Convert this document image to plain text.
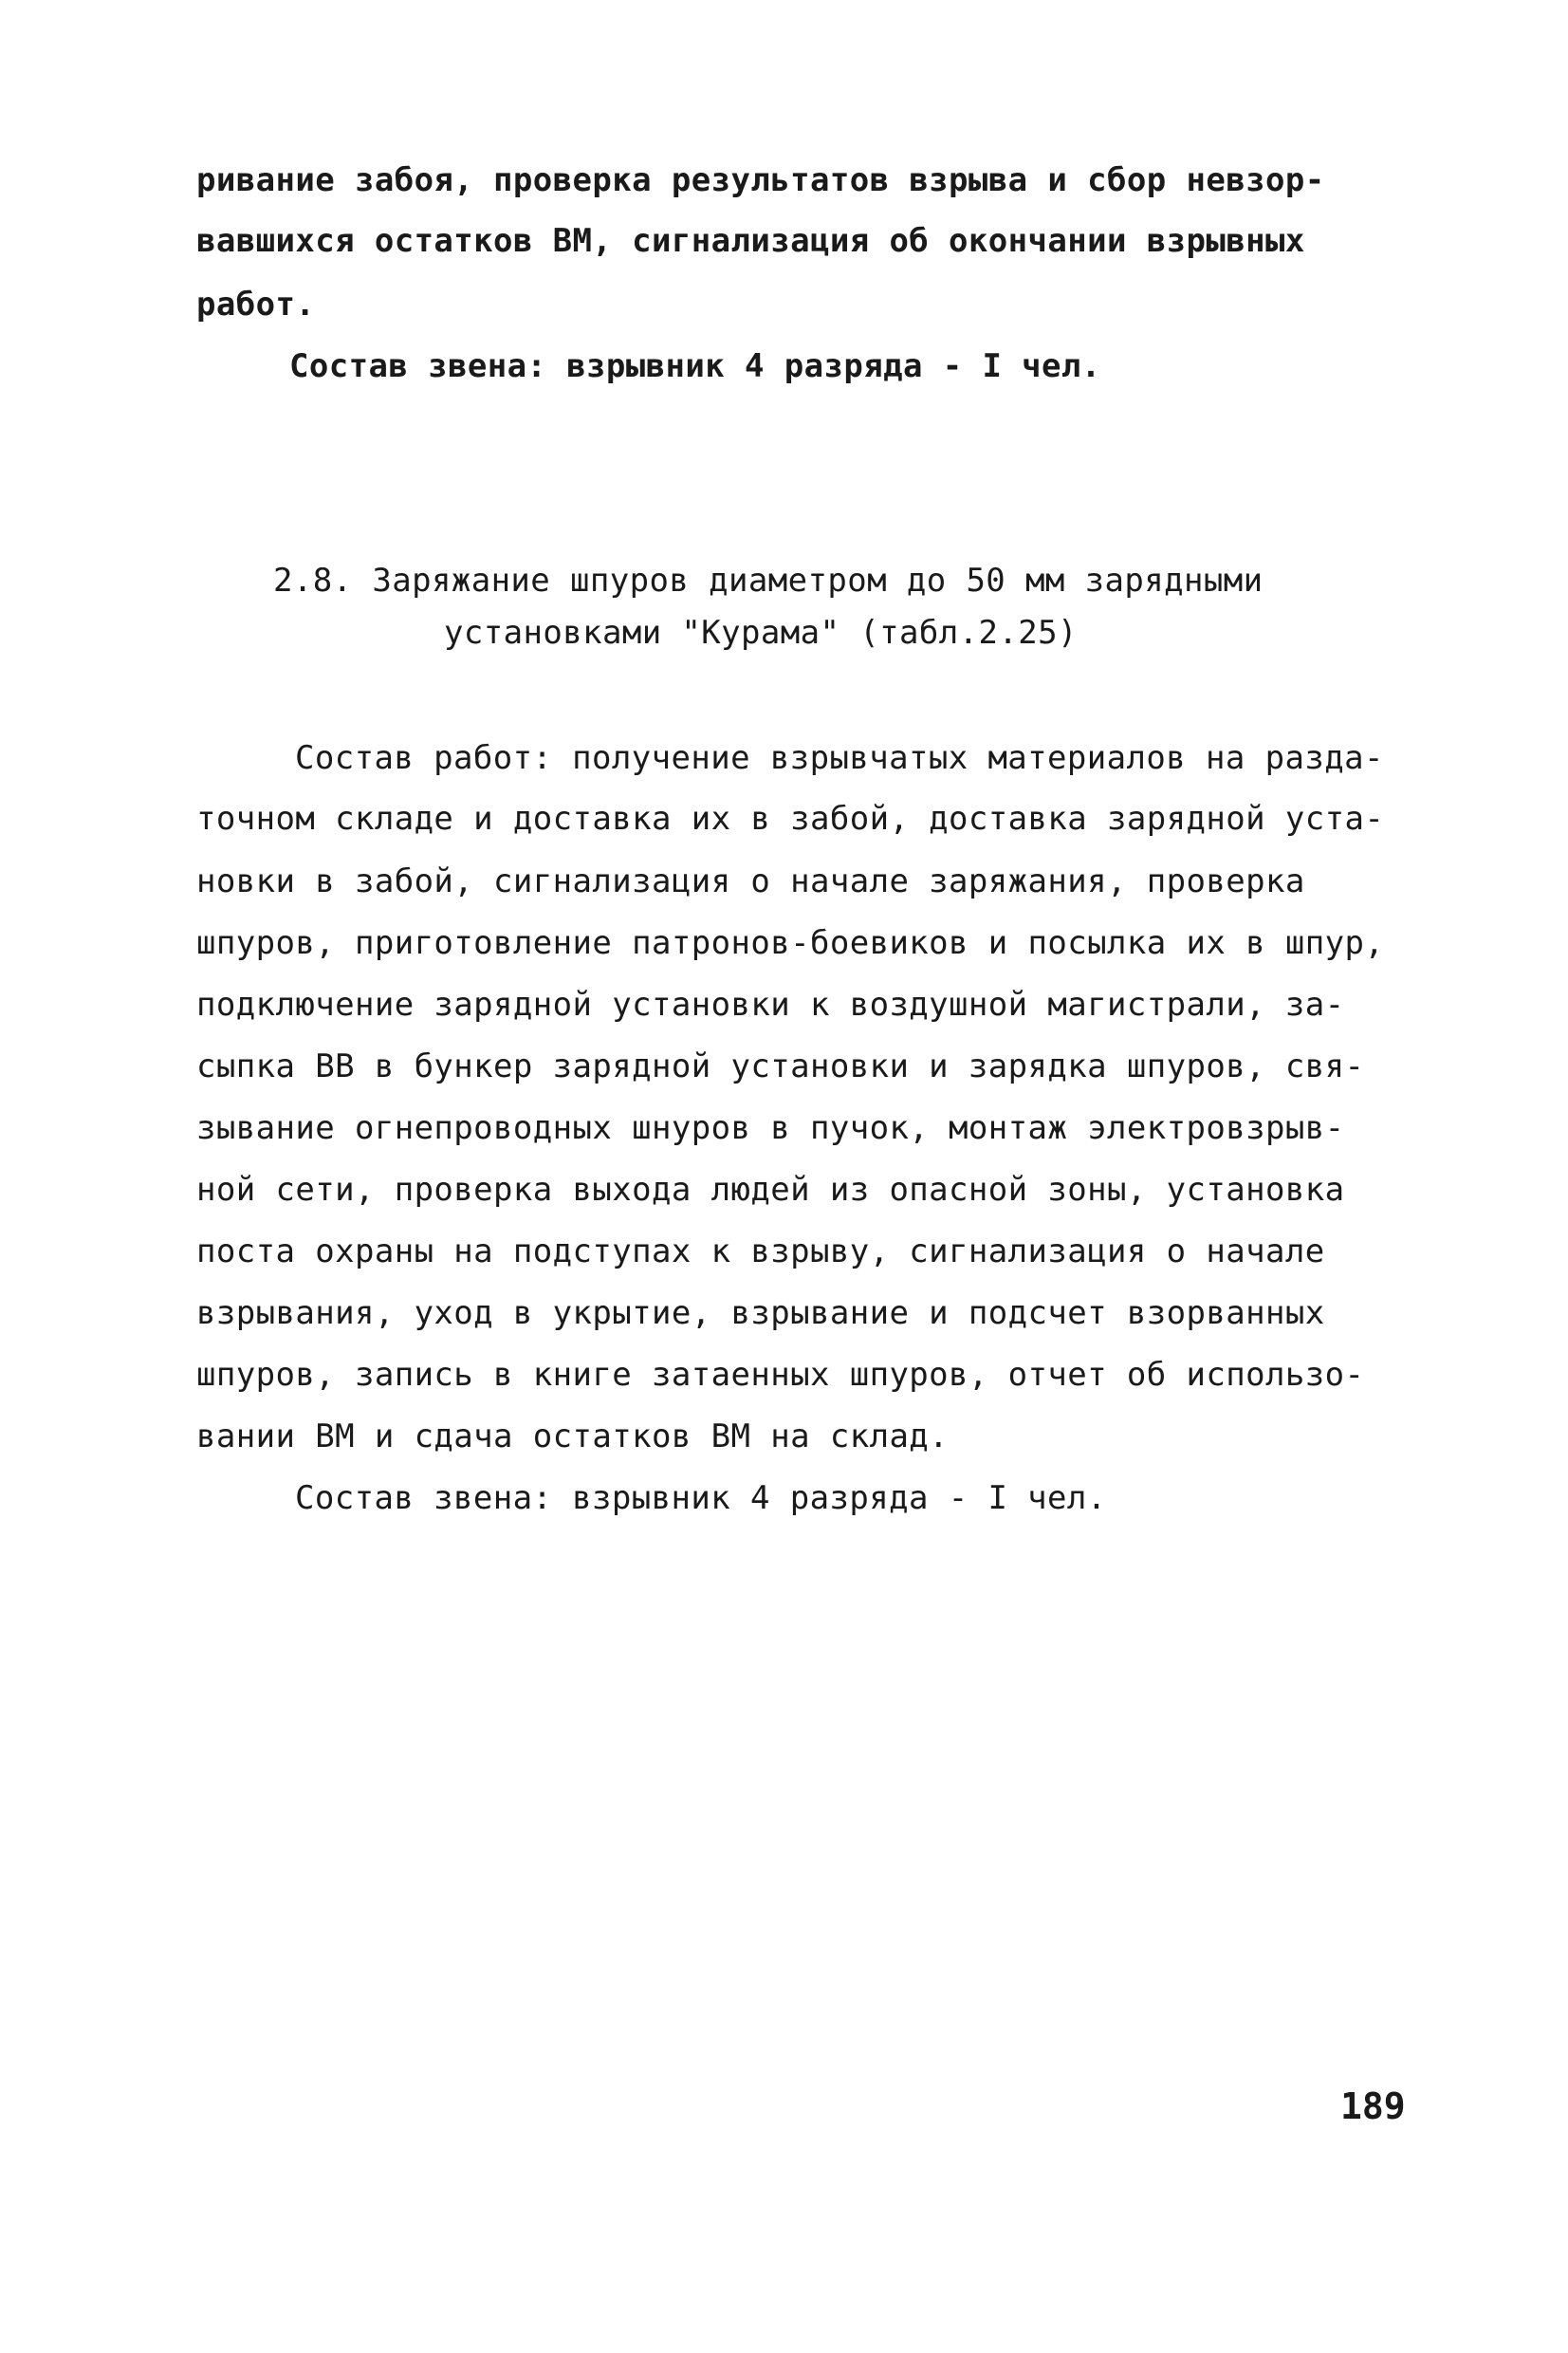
ривание забоя, проверка результатов взрыва и сбор невзор-
вавшихся остатков ВМ, сигнализация об окончании взрывных
работ.
Состав звена: взрывник 4 разряда - I чел.
2.8. Заряжание шпуров диаметром до 50 мм зарядными
установками "Курама" (табл.2.25)
Состав работ: получение взрывчатых материалов на разда-
точном складе и доставка их в забой, доставка зарядной уста-
новки в забой, сигнализация о начале заряжания, проверка
шпуров, приготовление патронов-боевиков и посылка их в шпур,
подключение зарядной установки к воздушной магистрали, за-
сыпка ВВ в бункер зарядной установки и зарядка шпуров, свя-
зывание огнепроводных шнуров в пучок, монтаж электровзрыв-
ной сети, проверка выхода людей из опасной зоны, установка
поста охраны на подступах к взрыву, сигнализация о начале
взрывания, уход в укрытие, взрывание и подсчет взорванных
шпуров, запись в книге затаенных шпуров, отчет об использо-
вании ВМ и сдача остатков ВМ на склад.
Состав звена: взрывник 4 разряда - I чел.
189
